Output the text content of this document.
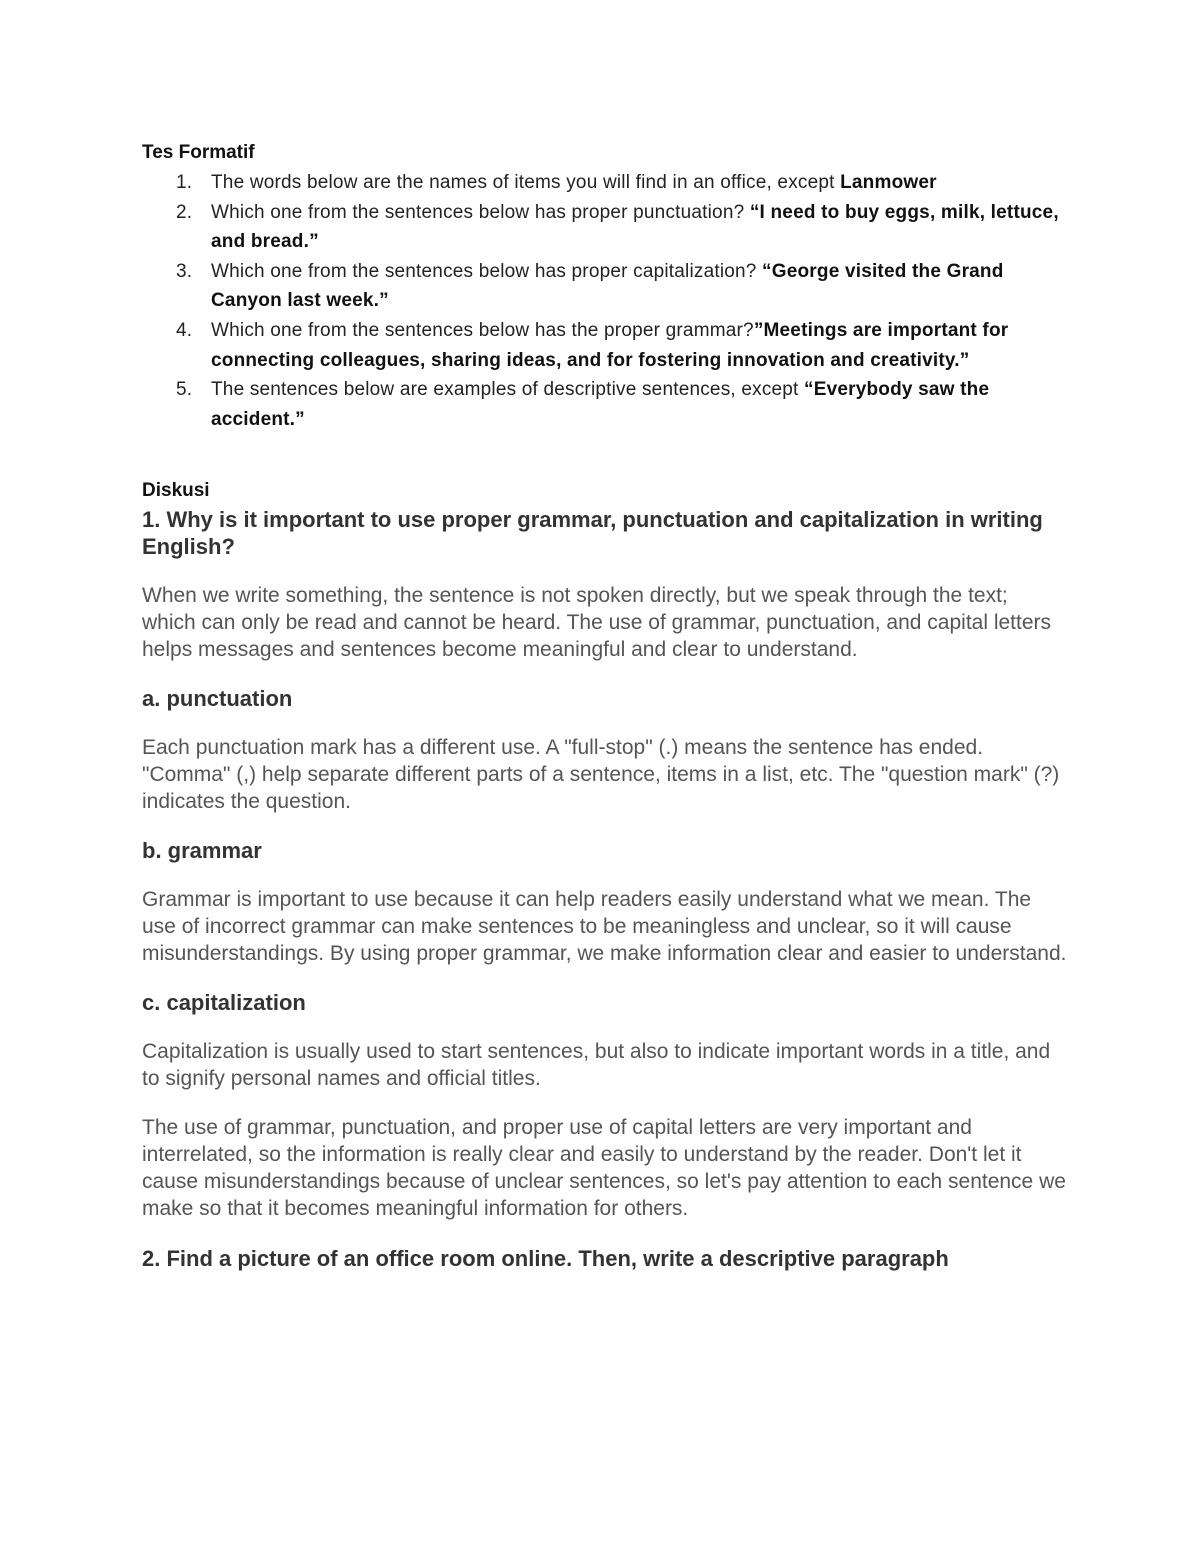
Tes Formatif

1. The words below are the names of items you will find in an office, except Lanmower
2. Which one from the sentences below has proper punctuation? “I need to buy eggs, milk, lettuce, and bread.”
3. Which one from the sentences below has proper capitalization? “George visited the Grand Canyon last week.”
4. Which one from the sentences below has the proper grammar?”Meetings are important for connecting colleagues, sharing ideas, and for fostering innovation and creativity.”
5. The sentences below are examples of descriptive sentences, except “Everybody saw the accident.”

Diskusi

1. Why is it important to use proper grammar, punctuation and capitalization in writing English?

When we write something, the sentence is not spoken directly, but we speak through the text; which can only be read and cannot be heard. The use of grammar, punctuation, and capital letters helps messages and sentences become meaningful and clear to understand.

a. punctuation

Each punctuation mark has a different use. A "full-stop" (.) means the sentence has ended. "Comma" (,) help separate different parts of a sentence, items in a list, etc. The "question mark" (?) indicates the question.

b. grammar

Grammar is important to use because it can help readers easily understand what we mean. The use of incorrect grammar can make sentences to be meaningless and unclear, so it will cause misunderstandings. By using proper grammar, we make information clear and easier to understand.

c. capitalization

Capitalization is usually used to start sentences, but also to indicate important words in a title, and to signify personal names and official titles.

The use of grammar, punctuation, and proper use of capital letters are very important and interrelated, so the information is really clear and easily to understand by the reader. Don't let it cause misunderstandings because of unclear sentences, so let's pay attention to each sentence we make so that it becomes meaningful information for others.

2. Find a picture of an office room online. Then, write a descriptive paragraph
